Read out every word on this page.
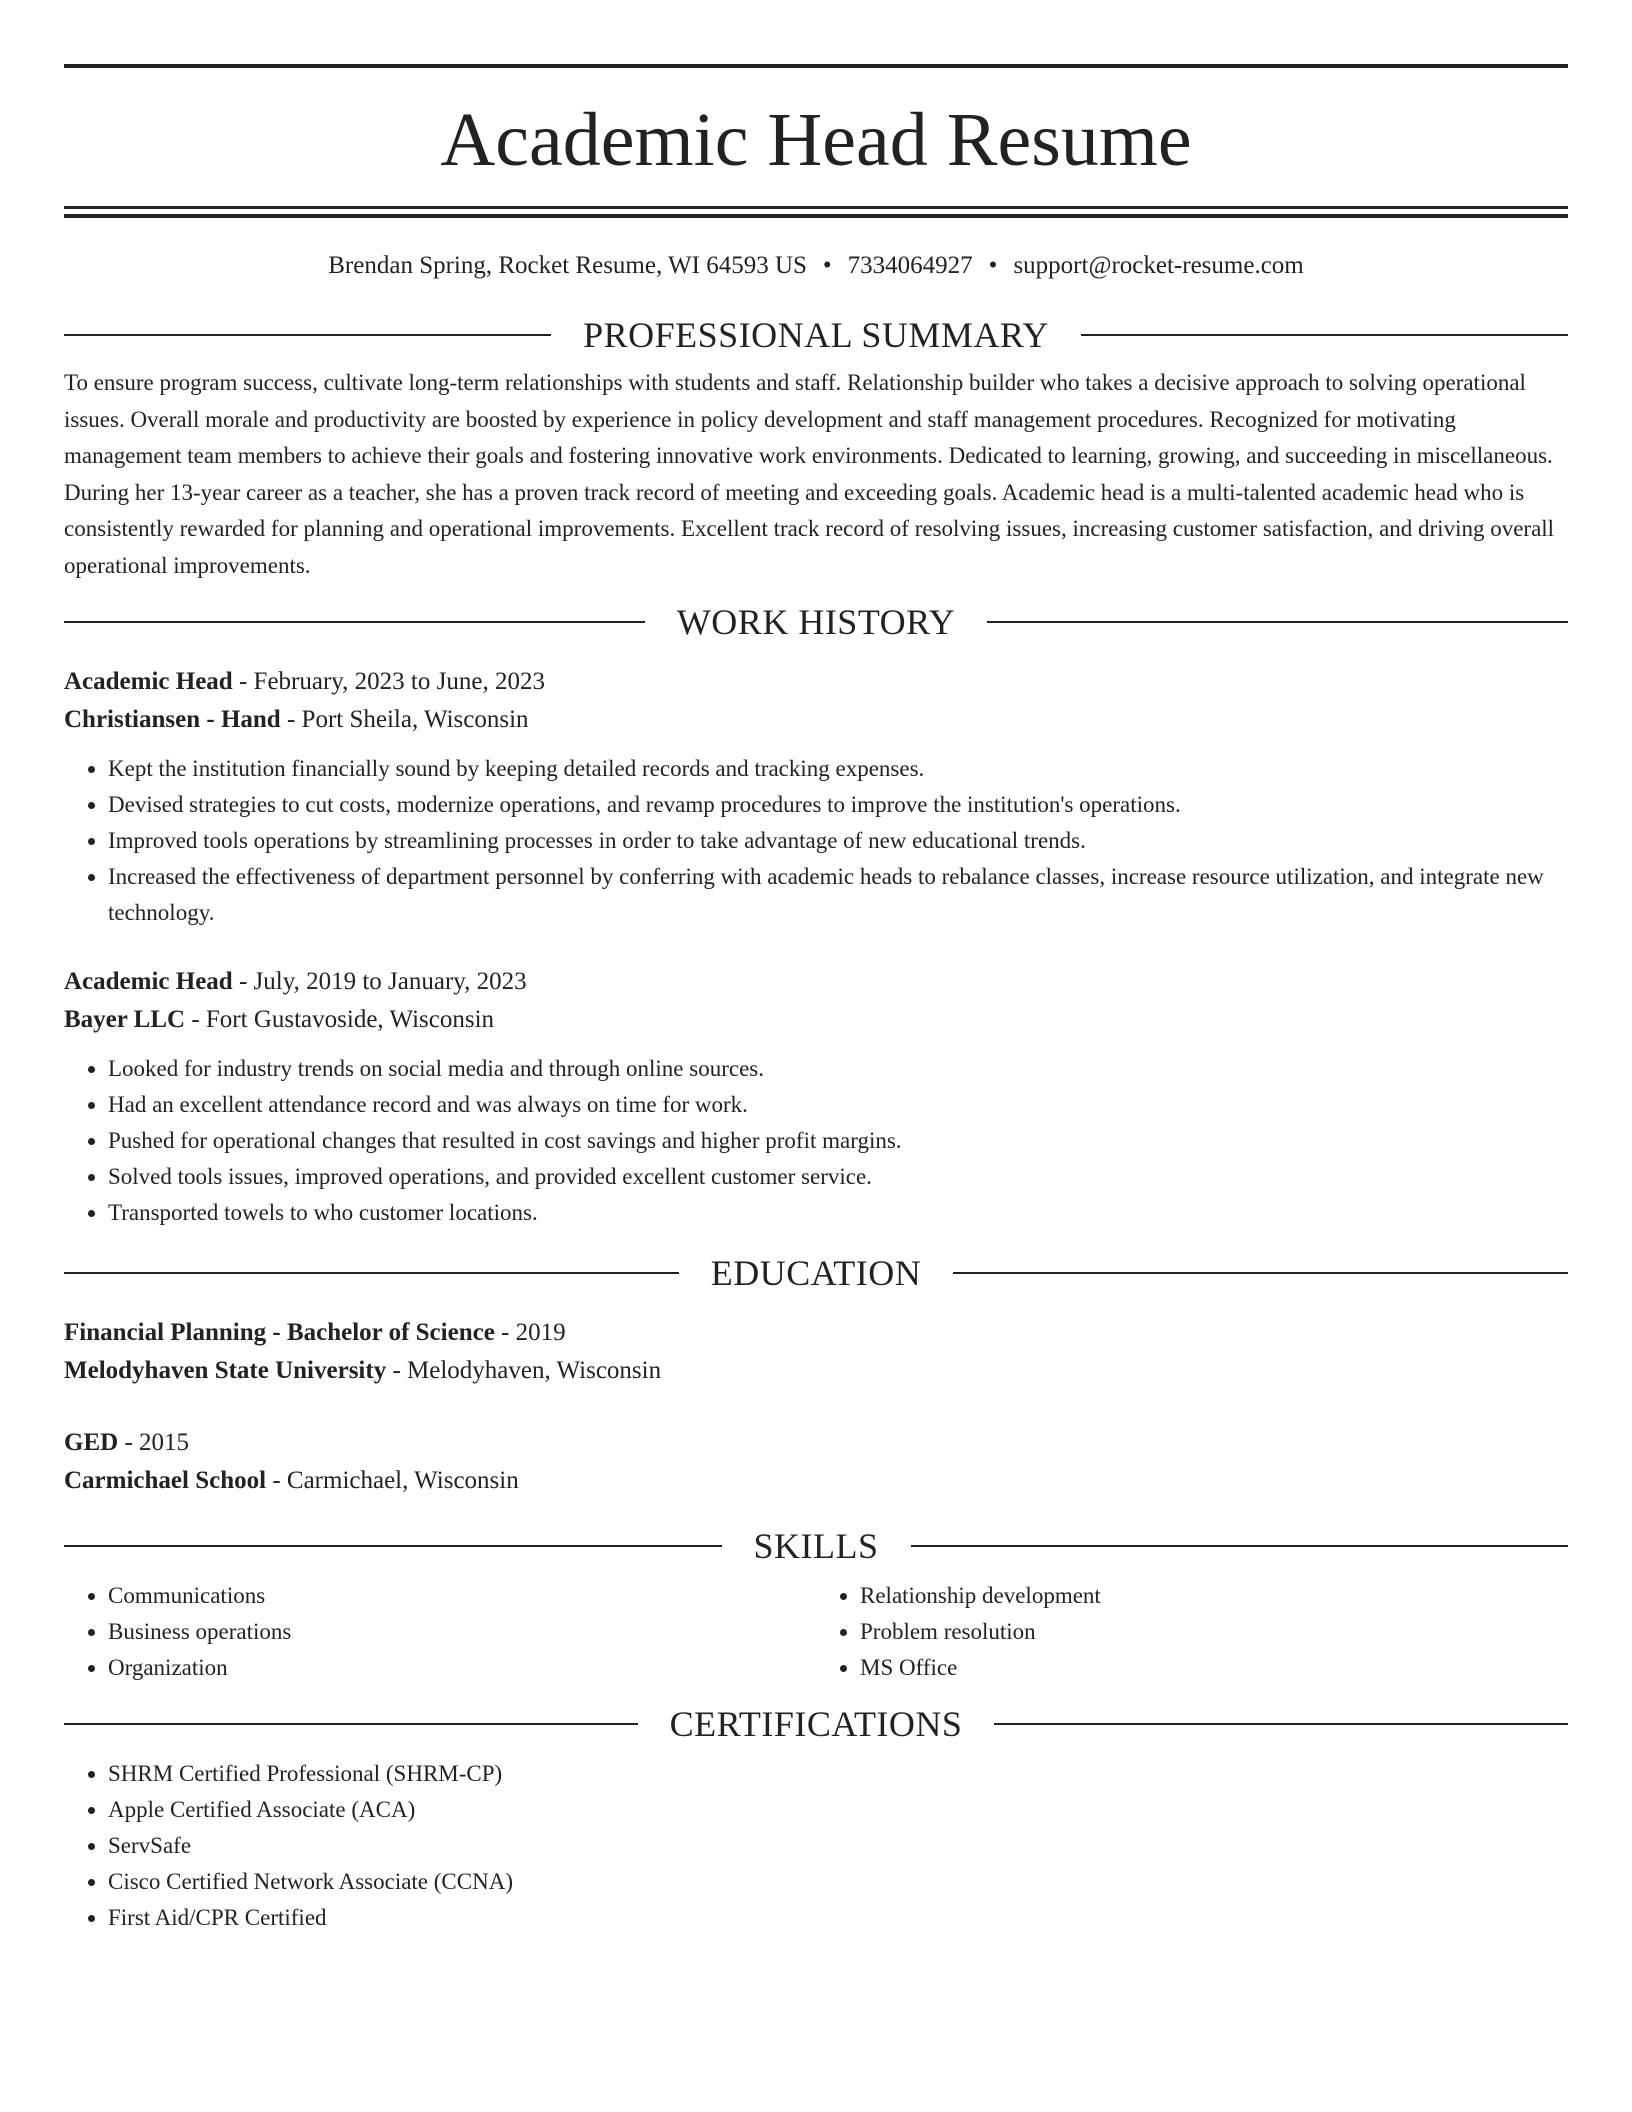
Academic Head Resume
Brendan Spring, Rocket Resume, WI 64593 US • 7334064927 • support@rocket-resume.com
PROFESSIONAL SUMMARY
To ensure program success, cultivate long-term relationships with students and staff. Relationship builder who takes a decisive approach to solving operational issues. Overall morale and productivity are boosted by experience in policy development and staff management procedures. Recognized for motivating management team members to achieve their goals and fostering innovative work environments. Dedicated to learning, growing, and succeeding in miscellaneous. During her 13-year career as a teacher, she has a proven track record of meeting and exceeding goals. Academic head is a multi-talented academic head who is consistently rewarded for planning and operational improvements. Excellent track record of resolving issues, increasing customer satisfaction, and driving overall operational improvements.
WORK HISTORY
Academic Head - February, 2023 to June, 2023
Christiansen - Hand - Port Sheila, Wisconsin
• Kept the institution financially sound by keeping detailed records and tracking expenses.
• Devised strategies to cut costs, modernize operations, and revamp procedures to improve the institution's operations.
• Improved tools operations by streamlining processes in order to take advantage of new educational trends.
• Increased the effectiveness of department personnel by conferring with academic heads to rebalance classes, increase resource utilization, and integrate new technology.
Academic Head - July, 2019 to January, 2023
Bayer LLC - Fort Gustavoside, Wisconsin
• Looked for industry trends on social media and through online sources.
• Had an excellent attendance record and was always on time for work.
• Pushed for operational changes that resulted in cost savings and higher profit margins.
• Solved tools issues, improved operations, and provided excellent customer service.
• Transported towels to who customer locations.
EDUCATION
Financial Planning - Bachelor of Science - 2019
Melodyhaven State University - Melodyhaven, Wisconsin
GED - 2015
Carmichael School - Carmichael, Wisconsin
SKILLS
• Communications
• Business operations
• Organization
• Relationship development
• Problem resolution
• MS Office
CERTIFICATIONS
• SHRM Certified Professional (SHRM-CP)
• Apple Certified Associate (ACA)
• ServSafe
• Cisco Certified Network Associate (CCNA)
• First Aid/CPR Certified
